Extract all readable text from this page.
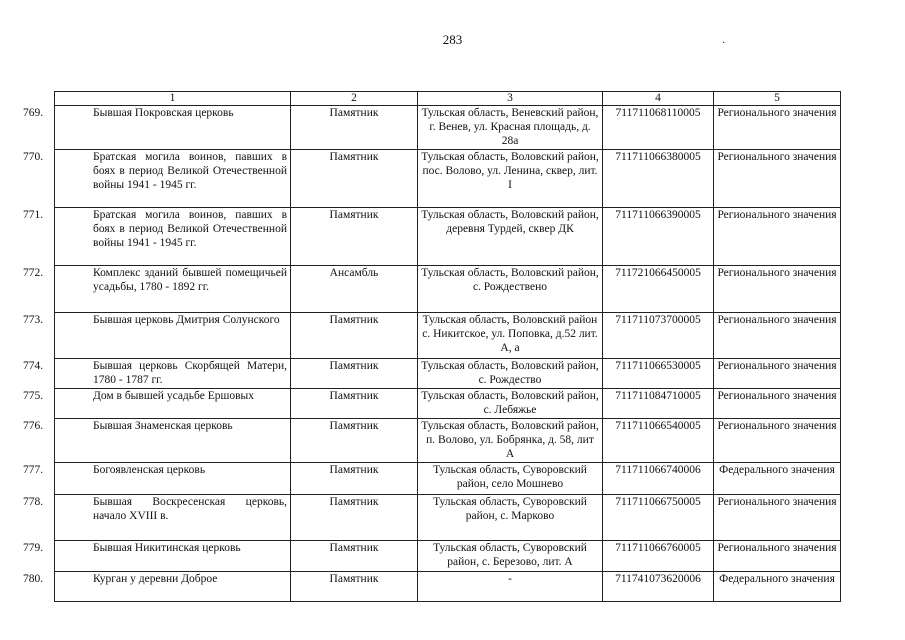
283	·
1	2	3	4	5

769. Бывшая Покровская церковь	Памятник	Тульская область, Веневский район, г. Венев, ул. Красная площадь, д. 28а	711711068110005	Регионального значения

770. Братская могила воинов, павших в боях в период Великой Отечественной войны 1941 - 1945 гг.	Памятник	Тульская область, Воловский район, пос. Волово, ул. Ленина, сквер, лит. I	711711066380005	Регионального значения

771. Братская могила воинов, павших в боях в период Великой Отечественной войны 1941 - 1945 гг.	Памятник	Тульская область, Воловский район, деревня Турдей, сквер ДК	711711066390005	Регионального значения

772. Комплекс зданий бывшей помещичьей усадьбы, 1780 - 1892 гг.	Ансамбль	Тульская область, Воловский район, с. Рождествено	711721066450005	Регионального значения

773. Бывшая церковь Дмитрия Солунского	Памятник	Тульская область, Воловский район с. Никитское, ул. Поповка, д.52 лит. А, а	711711073700005	Регионального значения

774. Бывшая церковь Скорбящей Матери, 1780 - 1787 гг.	Памятник	Тульская область, Воловский район, с. Рождество	711711066530005	Регионального значения

775. Дом в бывшей усадьбе Ершовых	Памятник	Тульская область, Воловский район, с. Лебяжье	711711084710005	Регионального значения

776. Бывшая Знаменская церковь	Памятник	Тульская область, Воловский район, п. Волово, ул. Бобрянка, д. 58, лит А	711711066540005	Регионального значения

777. Богоявленская церковь	Памятник	Тульская область, Суворовский район, село Мошнево	711711066740006	Федерального значения

778. Бывшая Воскресенская церковь, начало XVIII в.	Памятник	Тульская область, Суворовский район, с. Марково	711711066750005	Регионального значения

779. Бывшая Никитинская церковь	Памятник	Тульская область, Суворовский район, с. Березово, лит. А	711711066760005	Регионального значения

780. Курган у деревни Доброе	Памятник	-	711741073620006	Федерального значения
